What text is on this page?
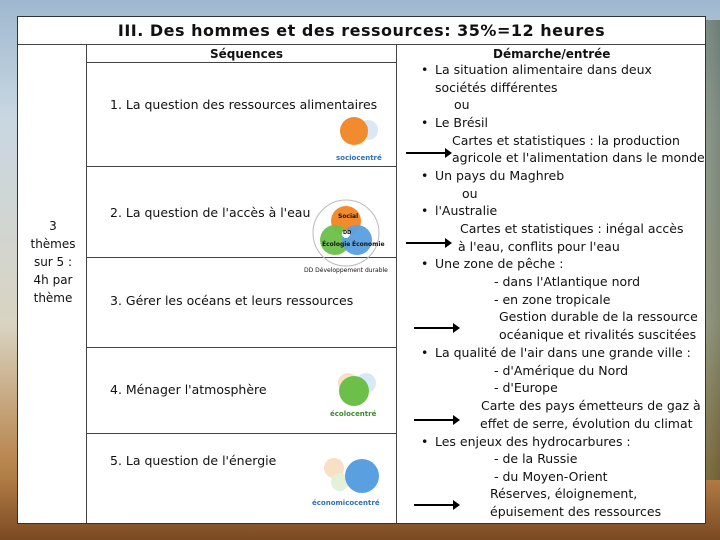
III. Des hommes et des ressources: 35%=12 heures
Séquences	Démarche/entrée
3
thèmes
sur 5 :
4h par
thème
1. La question des ressources alimentaires
2. La question de l'accès à l'eau
3. Gérer les océans et leurs ressources
4. Ménager l'atmosphère
5. La question de l'énergie
sociocentré
Social
Écologie Économie
DD
DD Développement durable
écolocentré
économicocentré
• La situation alimentaire dans deux
sociétés différentes
ou
• Le Brésil
Cartes et statistiques : la production
agricole et l'alimentation dans le monde
• Un pays du Maghreb
ou
• l'Australie
Cartes et statistiques : inégal accès
à l'eau, conflits pour l'eau
• Une zone de pêche :
- dans l'Atlantique nord
- en zone tropicale
Gestion durable de la ressource
océanique et rivalités suscitées
• La qualité de l'air dans une grande ville :
- d'Amérique du Nord
- d'Europe
Carte des pays émetteurs de gaz à
effet de serre, évolution du climat
• Les enjeux des hydrocarbures :
- de la Russie
- du Moyen-Orient
Réserves, éloignement,
épuisement des ressources
